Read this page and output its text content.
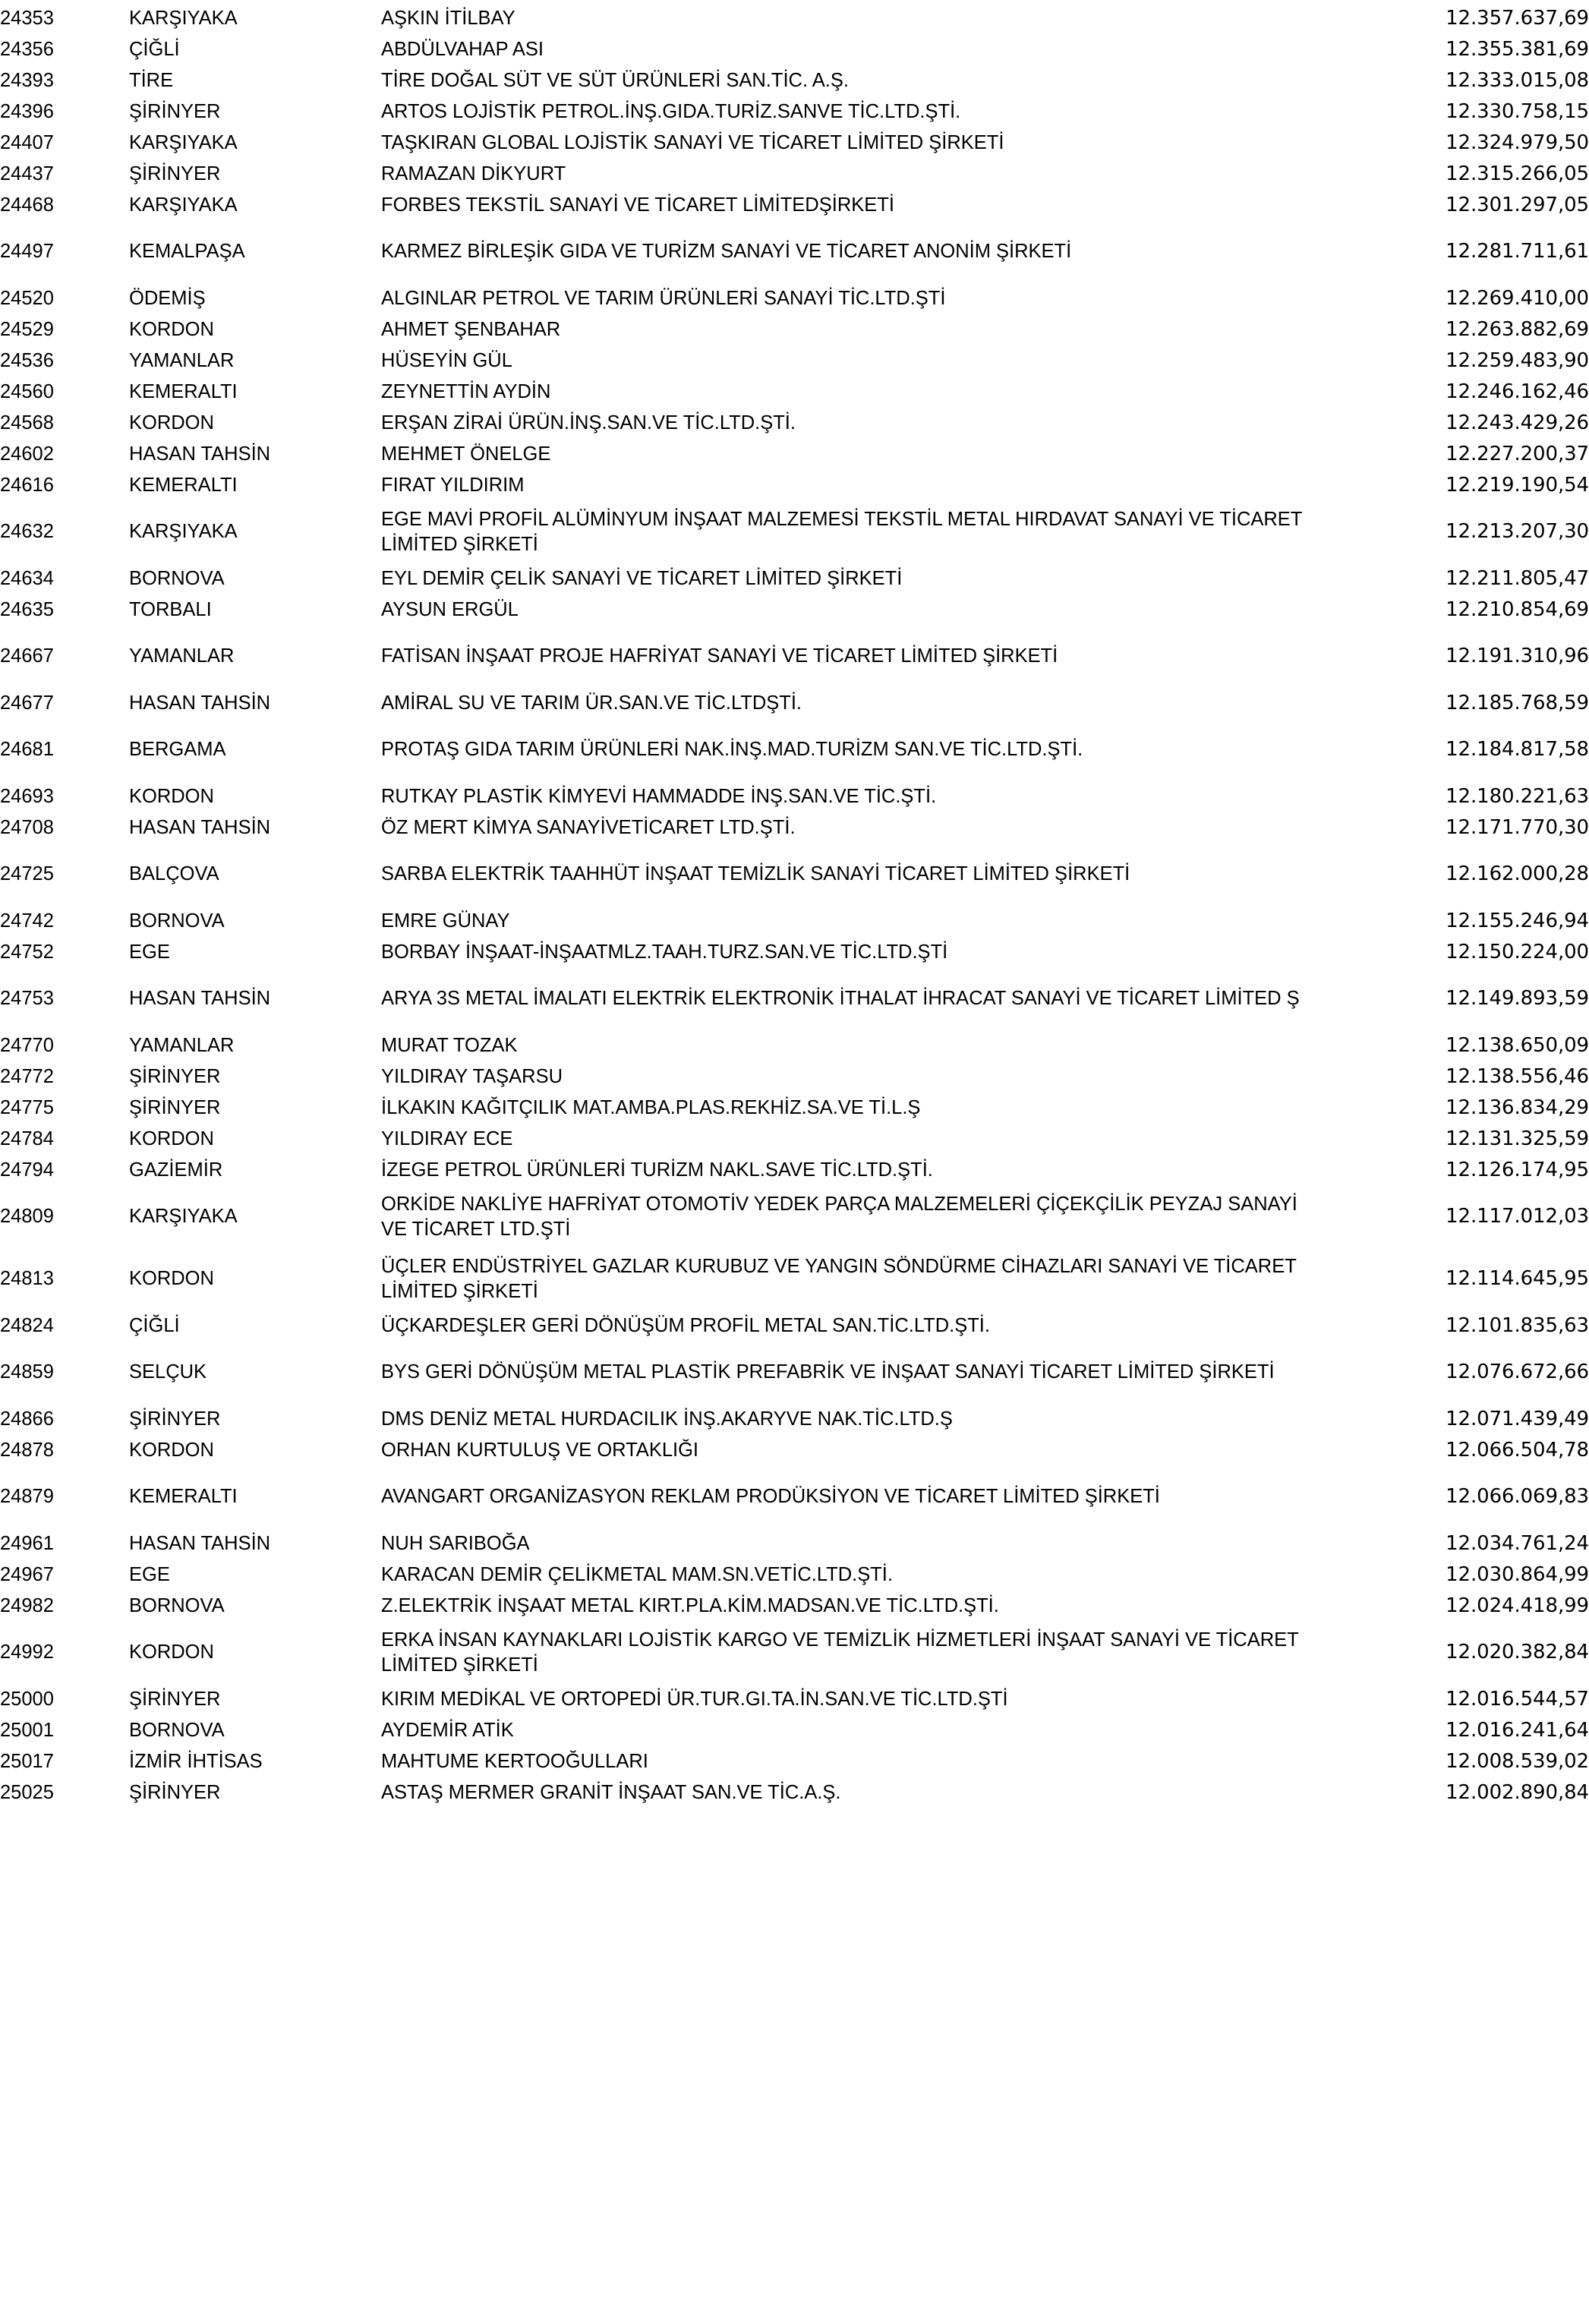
24353	KARŞIYAKA	AŞKIN İTİLBAY	12.357.637,69
24356	ÇİĞLİ	ABDÜLVAHAP ASI	12.355.381,69
24393	TİRE	TİRE DOĞAL SÜT VE SÜT ÜRÜNLERİ SAN.TİC. A.Ş.	12.333.015,08
24396	ŞİRİNYER	ARTOS LOJİSTİK PETROL.İNŞ.GIDA.TURİZ.SANVE TİC.LTD.ŞTİ.	12.330.758,15
24407	KARŞIYAKA	TAŞKIRAN GLOBAL LOJİSTİK SANAYİ VE TİCARET LİMİTED ŞİRKETİ	12.324.979,50
24437	ŞİRİNYER	RAMAZAN DİKYURT	12.315.266,05
24468	KARŞIYAKA	FORBES TEKSTİL SANAYİ VE TİCARET LİMİTEDŞİRKETİ	12.301.297,05
24497	KEMALPAŞA	KARMEZ BİRLEŞİK GIDA VE TURİZM SANAYİ VE TİCARET ANONİM ŞİRKETİ	12.281.711,61
24520	ÖDEMİŞ	ALGINLAR PETROL VE TARIM ÜRÜNLERİ SANAYİ TİC.LTD.ŞTİ	12.269.410,00
24529	KORDON	AHMET ŞENBAHAR	12.263.882,69
24536	YAMANLAR	HÜSEYİN GÜL	12.259.483,90
24560	KEMERALTI	ZEYNETTİN AYDİN	12.246.162,46
24568	KORDON	ERŞAN ZİRAİ ÜRÜN.İNŞ.SAN.VE TİC.LTD.ŞTİ.	12.243.429,26
24602	HASAN TAHSİN	MEHMET ÖNELGE	12.227.200,37
24616	KEMERALTI	FIRAT YILDIRIM	12.219.190,54
24632	KARŞIYAKA	EGE MAVİ PROFİL ALÜMİNYUM İNŞAAT MALZEMESİ TEKSTİL METAL HIRDAVAT SANAYİ VE TİCARET LİMİTED ŞİRKETİ	12.213.207,30
24634	BORNOVA	EYL DEMİR ÇELİK SANAYİ VE TİCARET LİMİTED ŞİRKETİ	12.211.805,47
24635	TORBALI	AYSUN ERGÜL	12.210.854,69
24667	YAMANLAR	FATİSAN İNŞAAT PROJE HAFRİYAT SANAYİ VE TİCARET LİMİTED ŞİRKETİ	12.191.310,96
24677	HASAN TAHSİN	AMİRAL SU VE TARIM ÜR.SAN.VE TİC.LTDŞTİ.	12.185.768,59
24681	BERGAMA	PROTAŞ GIDA TARIM ÜRÜNLERİ NAK.İNŞ.MAD.TURİZM SAN.VE TİC.LTD.ŞTİ.	12.184.817,58
24693	KORDON	RUTKAY PLASTİK KİMYEVİ HAMMADDE İNŞ.SAN.VE TİC.ŞTİ.	12.180.221,63
24708	HASAN TAHSİN	ÖZ MERT KİMYA SANAYİVETİCARET LTD.ŞTİ.	12.171.770,30
24725	BALÇOVA	SARBA ELEKTRİK TAAHHÜT İNŞAAT TEMİZLİK SANAYİ TİCARET LİMİTED ŞİRKETİ	12.162.000,28
24742	BORNOVA	EMRE GÜNAY	12.155.246,94
24752	EGE	BORBAY İNŞAAT-İNŞAATMLZ.TAAH.TURZ.SAN.VE TİC.LTD.ŞTİ	12.150.224,00
24753	HASAN TAHSİN	ARYA 3S METAL İMALATI ELEKTRİK ELEKTRONİK İTHALAT İHRACAT SANAYİ VE TİCARET LİMİTED Ş	12.149.893,59
24770	YAMANLAR	MURAT TOZAK	12.138.650,09
24772	ŞİRİNYER	YILDIRAY TAŞARSU	12.138.556,46
24775	ŞİRİNYER	İLKAKIN KAĞITÇILIK MAT.AMBA.PLAS.REKHİZ.SA.VE Tİ.L.Ş	12.136.834,29
24784	KORDON	YILDIRAY ECE	12.131.325,59
24794	GAZİEMİR	İZEGE PETROL ÜRÜNLERİ TURİZM NAKL.SAVE TİC.LTD.ŞTİ.	12.126.174,95
24809	KARŞIYAKA	ORKİDE NAKLİYE HAFRİYAT OTOMOTİV YEDEK PARÇA MALZEMELERİ ÇİÇEKÇİLİK PEYZAJ SANAYİ VE TİCARET LTD.ŞTİ	12.117.012,03
24813	KORDON	ÜÇLER ENDÜSTRİYEL GAZLAR KURUBUZ VE YANGIN SÖNDÜRME CİHAZLARI SANAYİ VE TİCARET LİMİTED ŞİRKETİ	12.114.645,95
24824	ÇİĞLİ	ÜÇKARDEŞLER GERİ DÖNÜŞÜM PROFİL METAL SAN.TİC.LTD.ŞTİ.	12.101.835,63
24859	SELÇUK	BYS GERİ DÖNÜŞÜM METAL PLASTİK PREFABRİK VE İNŞAAT SANAYİ TİCARET LİMİTED ŞİRKETİ	12.076.672,66
24866	ŞİRİNYER	DMS DENİZ METAL HURDACILIK İNŞ.AKARYVE NAK.TİC.LTD.Ş	12.071.439,49
24878	KORDON	ORHAN KURTULUŞ VE ORTAKLIĞI	12.066.504,78
24879	KEMERALTI	AVANGART ORGANİZASYON REKLAM PRODÜKSİYON VE TİCARET LİMİTED ŞİRKETİ	12.066.069,83
24961	HASAN TAHSİN	NUH SARIBOĞA	12.034.761,24
24967	EGE	KARACAN DEMİR ÇELİKMETAL MAM.SN.VETİC.LTD.ŞTİ.	12.030.864,99
24982	BORNOVA	Z.ELEKTRİK İNŞAAT METAL KIRT.PLA.KİM.MADSAN.VE TİC.LTD.ŞTİ.	12.024.418,99
24992	KORDON	ERKA İNSAN KAYNAKLARI LOJİSTİK KARGO VE TEMİZLİK HİZMETLERİ İNŞAAT SANAYİ VE TİCARET LİMİTED ŞİRKETİ	12.020.382,84
25000	ŞİRİNYER	KIRIM MEDİKAL VE ORTOPEDİ ÜR.TUR.GI.TA.İN.SAN.VE TİC.LTD.ŞTİ	12.016.544,57
25001	BORNOVA	AYDEMİR ATİK	12.016.241,64
25017	İZMİR İHTİSAS	MAHTUME KERTOOĞULLARI	12.008.539,02
25025	ŞİRİNYER	ASTAŞ MERMER GRANİT İNŞAAT SAN.VE TİC.A.Ş.	12.002.890,84
